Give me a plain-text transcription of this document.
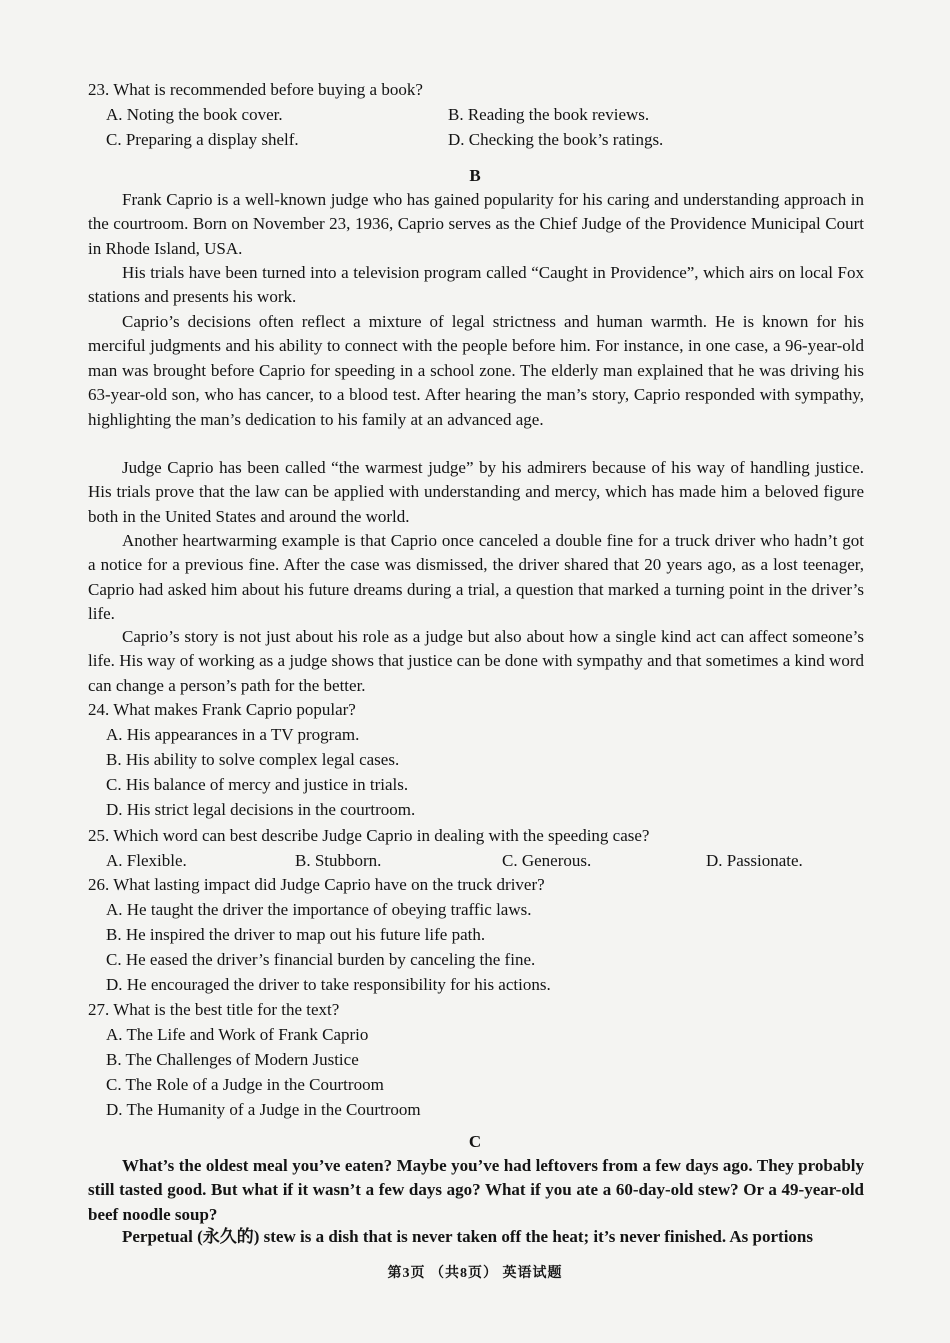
23. What is recommended before buying a book?
A. Noting the book cover.	B. Reading the book reviews.
C. Preparing a display shelf.	D. Checking the book’s ratings.
B

Frank Caprio is a well-known judge who has gained popularity for his caring and understanding approach in the courtroom. Born on November 23, 1936, Caprio serves as the Chief Judge of the Providence Municipal Court in Rhode Island, USA.

His trials have been turned into a television program called “Caught in Providence”, which airs on local Fox stations and presents his work.

Caprio’s decisions often reflect a mixture of legal strictness and human warmth. He is known for his merciful judgments and his ability to connect with the people before him. For instance, in one case, a 96-year-old man was brought before Caprio for speeding in a school zone. The elderly man explained that he was driving his 63-year-old son, who has cancer, to a blood test. After hearing the man’s story, Caprio responded with sympathy, highlighting the man’s dedication to his family at an advanced age.

Judge Caprio has been called “the warmest judge” by his admirers because of his way of handling justice. His trials prove that the law can be applied with understanding and mercy, which has made him a beloved figure both in the United States and around the world.

Another heartwarming example is that Caprio once canceled a double fine for a truck driver who hadn’t got a notice for a previous fine. After the case was dismissed, the driver shared that 20 years ago, as a lost teenager, Caprio had asked him about his future dreams during a trial, a question that marked a turning point in the driver’s life.

Caprio’s story is not just about his role as a judge but also about how a single kind act can affect someone’s life. His way of working as a judge shows that justice can be done with sympathy and that sometimes a kind word can change a person’s path for the better.

24. What makes Frank Caprio popular?
A. His appearances in a TV program.
B. His ability to solve complex legal cases.
C. His balance of mercy and justice in trials.
D. His strict legal decisions in the courtroom.
25. Which word can best describe Judge Caprio in dealing with the speeding case?
A. Flexible.	B. Stubborn.	C. Generous.	D. Passionate.
26. What lasting impact did Judge Caprio have on the truck driver?
A. He taught the driver the importance of obeying traffic laws.
B. He inspired the driver to map out his future life path.
C. He eased the driver’s financial burden by canceling the fine.
D. He encouraged the driver to take responsibility for his actions.
27. What is the best title for the text?
A. The Life and Work of Frank Caprio
B. The Challenges of Modern Justice
C. The Role of a Judge in the Courtroom
D. The Humanity of a Judge in the Courtroom
C

What’s the oldest meal you’ve eaten? Maybe you’ve had leftovers from a few days ago. They probably still tasted good. But what if it wasn’t a few days ago? What if you ate a 60-day-old stew? Or a 49-year-old beef noodle soup?

Perpetual (永久的) stew is a dish that is never taken off the heat; it’s never finished. As portions

第3页 （共8页） 英语试题
